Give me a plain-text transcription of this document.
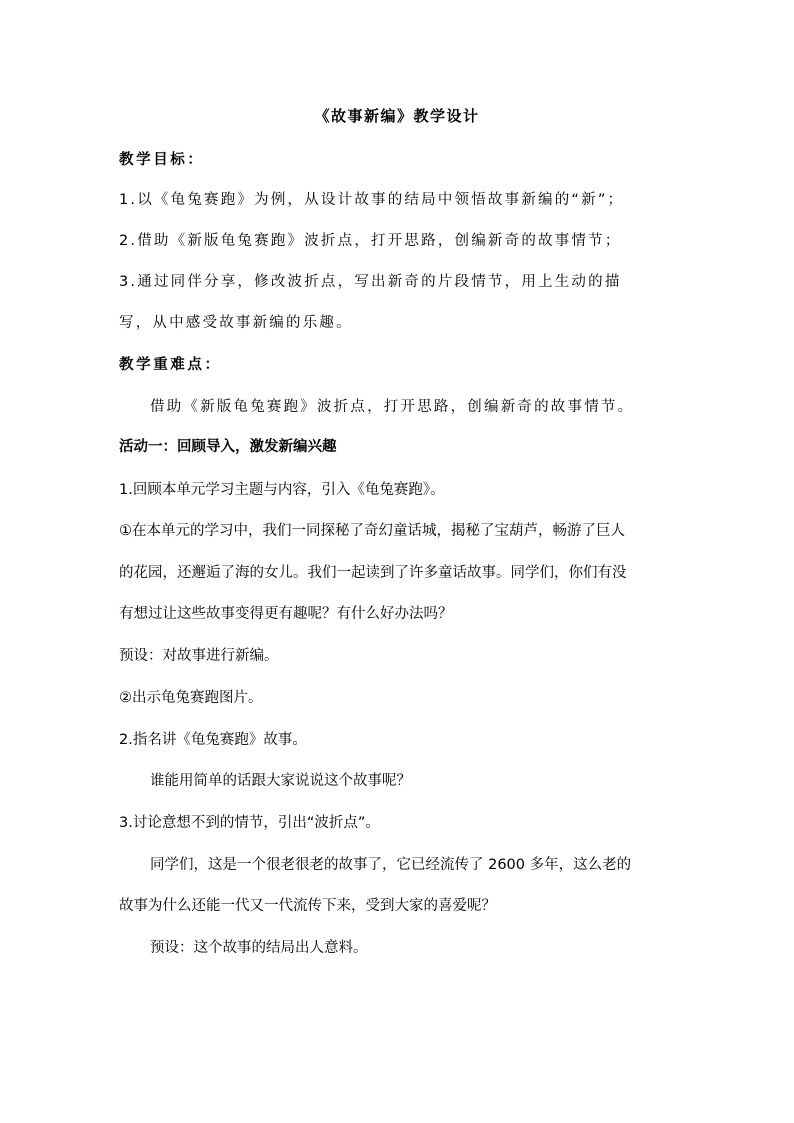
《故事新编》教学设计
教学目标：
1.以《龟兔赛跑》为例，从设计故事的结局中领悟故事新编的“新”；
2.借助《新版龟兔赛跑》波折点，打开思路，创编新奇的故事情节；
3.通过同伴分享，修改波折点，写出新奇的片段情节，用上生动的描
写，从中感受故事新编的乐趣。
教学重难点：
借助《新版龟兔赛跑》波折点，打开思路，创编新奇的故事情节。
活动一：回顾导入，激发新编兴趣
1.回顾本单元学习主题与内容，引入《龟兔赛跑》。
①在本单元的学习中，我们一同探秘了奇幻童话城，揭秘了宝葫芦，畅游了巨人
的花园，还邂逅了海的女儿。我们一起读到了许多童话故事。同学们，你们有没
有想过让这些故事变得更有趣呢？有什么好办法吗？
预设：对故事进行新编。
②出示龟兔赛跑图片。
2.指名讲《龟兔赛跑》故事。
谁能用简单的话跟大家说说这个故事呢？
3.讨论意想不到的情节，引出“波折点”。
同学们，这是一个很老很老的故事了，它已经流传了 2600 多年，这么老的
故事为什么还能一代又一代流传下来，受到大家的喜爱呢？
预设：这个故事的结局出人意料。
